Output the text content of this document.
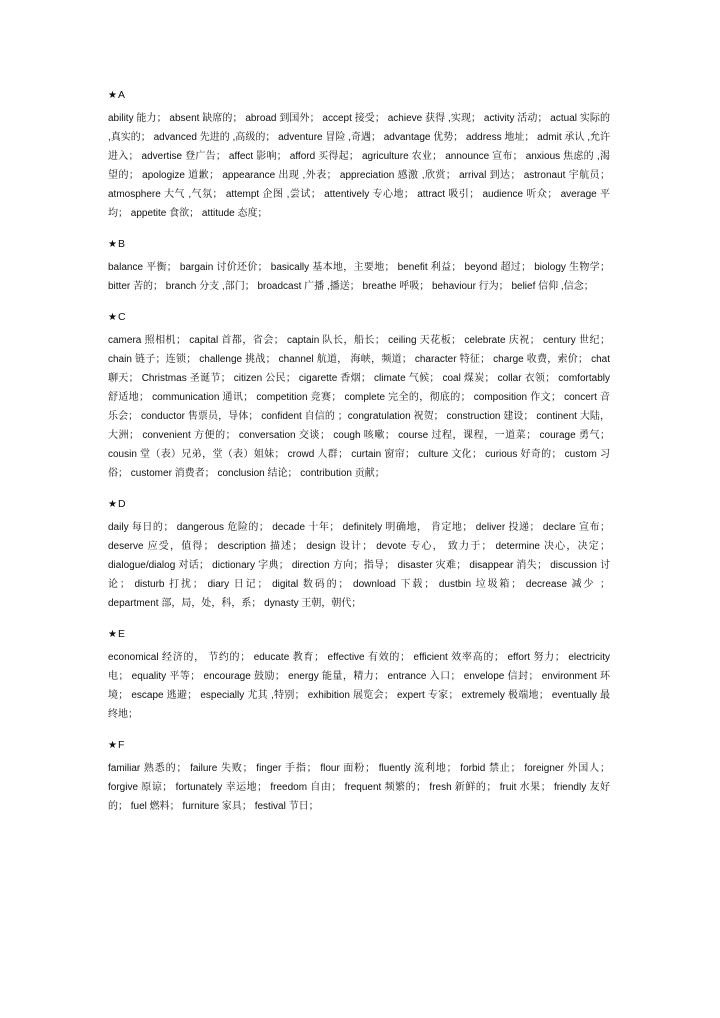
★A

ability 能力； absent 缺席的； abroad 到国外； accept 接受； achieve 获得 ,实现； activity 活动； actual 实际的 ,真实的； advanced 先进的 ,高级的； adventure 冒险 ,奇遇； advantage 优势； address 地址； admit 承认 ,允许进入； advertise 登广告； affect 影响； afford 买得起； agriculture 农业； announce 宣布； anxious 焦虑的 ,渴望的； apologize 道歉； appearance 出现 ,外表； appreciation 感激 ,欣赏； arrival 到达； astronaut 宇航员； atmosphere 大气 ,气氛； attempt 企图 ,尝试； attentively 专心地； attract 吸引； audience 听众； average 平均； appetite 食欲； attitude 态度；

★B

balance 平衡； bargain 讨价还价； basically 基本地，主要地； benefit 利益； beyond 超过； biology 生物学； bitter 苦的； branch 分支 ,部门； broadcast 广播 ,播送； breathe 呼吸； behaviour 行为； belief 信仰 ,信念；

★C

camera 照相机； capital 首都，省会； captain 队长，船长； ceiling 天花板； celebrate 庆祝； century 世纪； chain 链子；连锁； challenge 挑战； channel 航道， 海峡，频道； character 特征； charge 收费，索价； chat 聊天； Christmas 圣诞节； citizen 公民； cigarette 香烟； climate 气候； coal 煤炭； collar 衣领； comfortably 舒适地； communication 通讯； competition 竞赛； complete 完全的，彻底的； composition 作文； concert 音乐会； conductor 售票员，导体； confident 自信的 ；congratulation 祝贺； construction 建设； continent 大陆，大洲； convenient 方便的； conversation 交谈； cough 咳嗽； course 过程，课程，一道菜； courage 勇气； cousin 堂（表）兄弟，堂（表）姐妹； crowd 人群； curtain 窗帘； culture 文化； curious 好奇的； custom 习俗； customer 消费者； conclusion 结论； contribution 贡献；

★D

daily 每日的； dangerous 危险的； decade 十年； definitely 明确地， 肯定地； deliver 投递； declare 宣布； deserve 应受，值得； description 描述； design 设计； devote 专心， 致力于； determine 决心，决定； dialogue/dialog 对话； dictionary 字典； direction 方向；指导； disaster 灾难； disappear 消失； discussion 讨论； disturb 打扰； diary 日记； digital 数码的； download 下载； dustbin 垃圾箱； decrease 减少 ； department 部，局，处，科，系； dynasty 王朝，朝代；

★E

economical 经济的， 节约的； educate 教育； effective 有效的； efficient 效率高的； effort 努力； electricity 电； equality 平等； encourage 鼓励； energy 能量，精力； entrance 入口； envelope 信封； environment 环境； escape 逃避； especially 尤其 ,特别； exhibition 展览会； expert 专家； extremely 极端地； eventually 最终地；

★F

familiar 熟悉的； failure 失败； finger 手指； flour 面粉； fluently 流利地； forbid 禁止； foreigner 外国人； forgive 原谅； fortunately 幸运地； freedom 自由； frequent 频繁的； fresh 新鲜的； fruit 水果； friendly 友好的； fuel 燃料； furniture 家具； festival 节日；
